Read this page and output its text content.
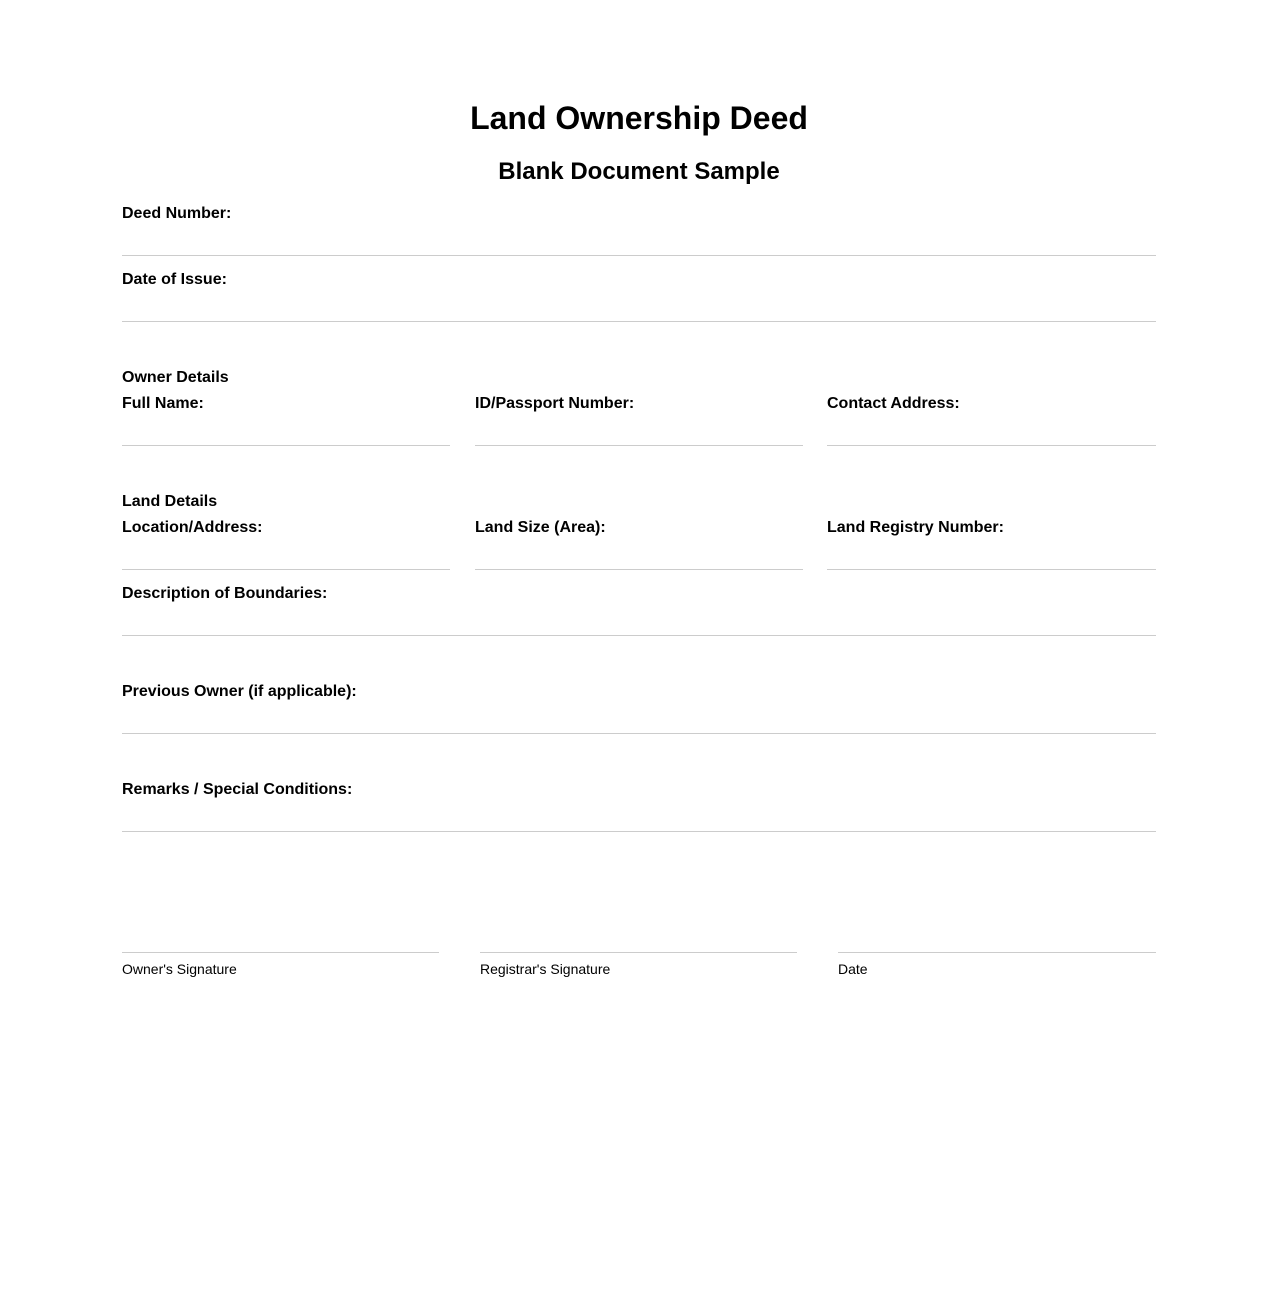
Land Ownership Deed
Blank Document Sample
Deed Number:
Date of Issue:
Owner Details
Full Name:	ID/Passport Number:	Contact Address:
Land Details
Location/Address:	Land Size (Area):	Land Registry Number:
Description of Boundaries:
Previous Owner (if applicable):
Remarks / Special Conditions:
Owner's Signature	Registrar's Signature	Date
